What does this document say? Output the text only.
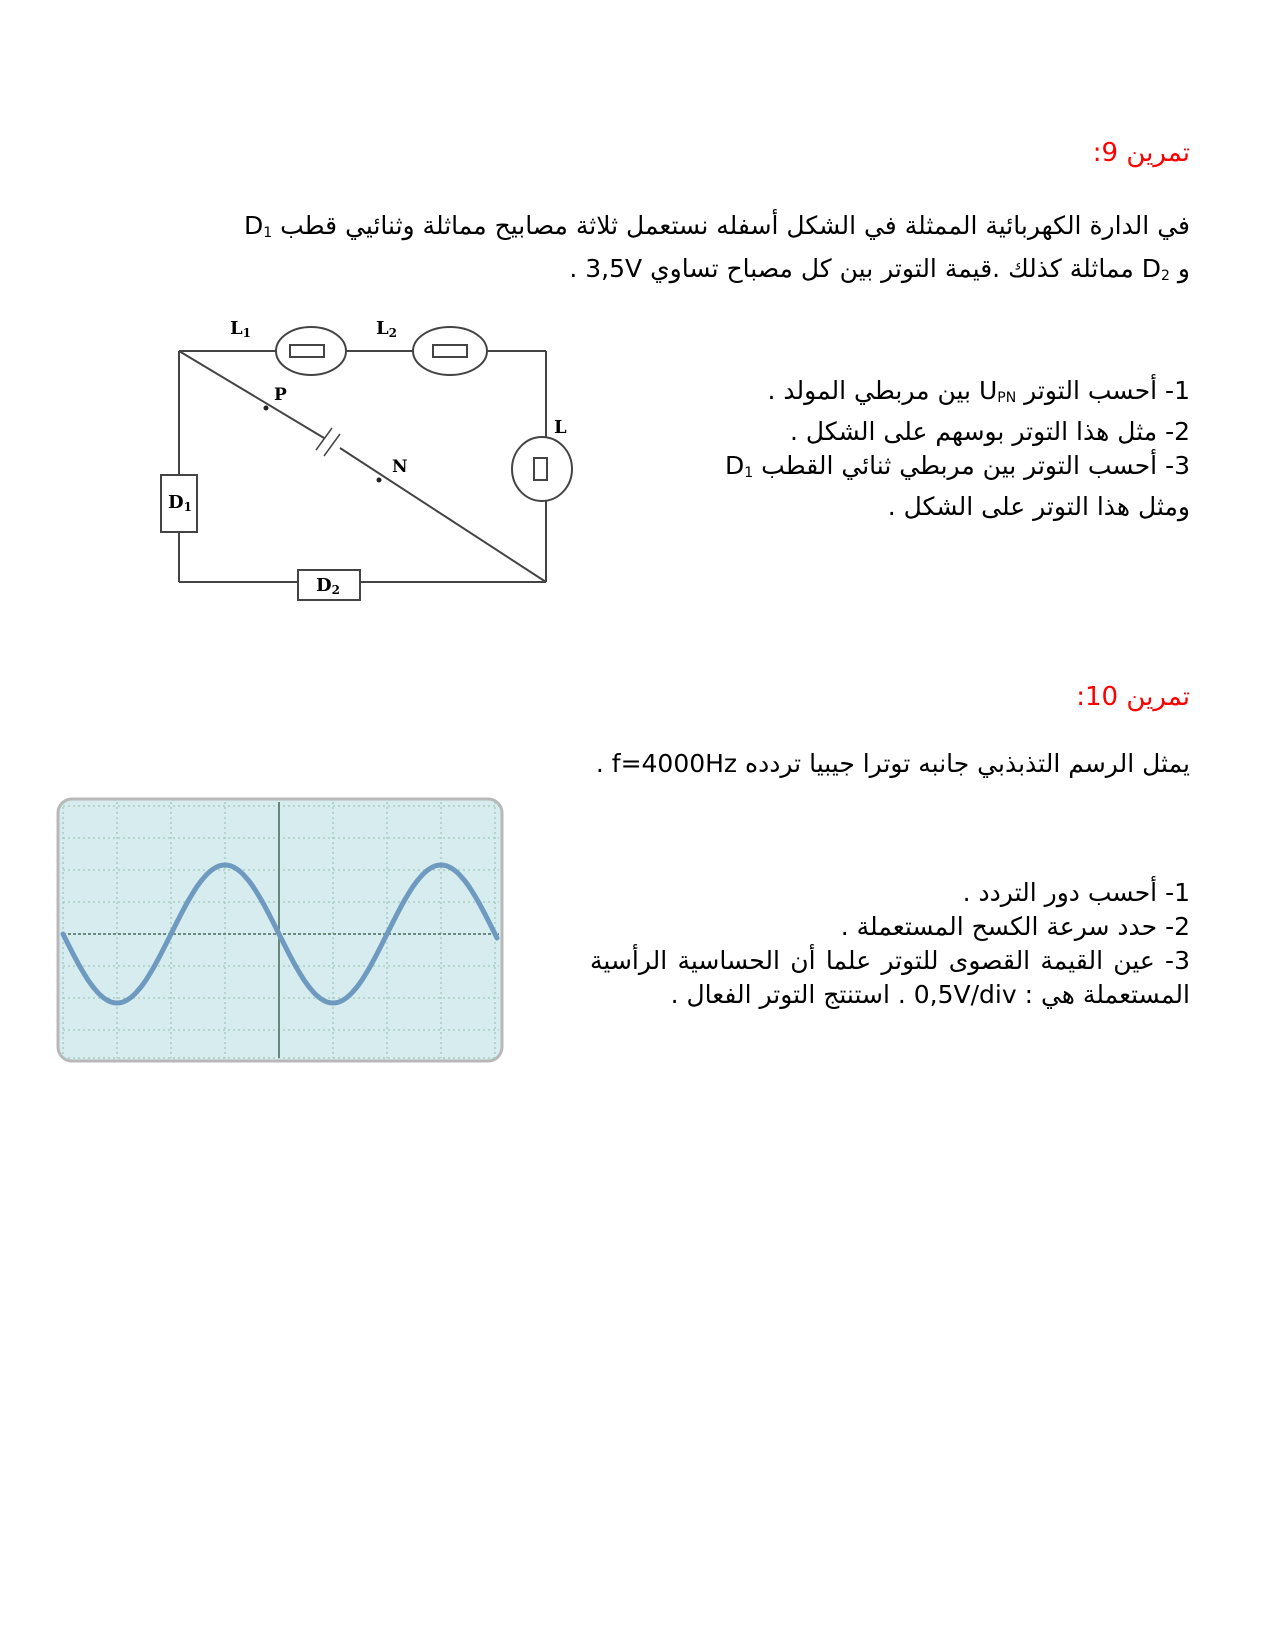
تمرين 9:
في الدارة الكهربائية الممثلة في الشكل أسفله نستعمل ثلاثة مصابيح مماثلة وثنائيي قطب $D_1$
و $D_2$ مماثلة كذلك .قيمة التوتر بين كل مصباح تساوي 3,5V .
D1
D2
L1	L2
L
P
N
1- أحسب التوتر $U_{PN}$ بين مربطي المولد .
2- مثل هذا التوتر بوسهم على الشكل .
3- أحسب التوتر بين مربطي ثنائي القطب $D_1$
ومثل هذا التوتر على الشكل .
تمرين 10:
يمثل الرسم التذبذبي جانبه توترا جيبيا تردده f=4000Hz .
1- أحسب دور التردد .
2- حدد سرعة الكسح المستعملة .
3- عين القيمة القصوى للتوتر علما أن الحساسية الرأسية المستعملة هي : 0,5V/div . استنتج التوتر الفعال .
